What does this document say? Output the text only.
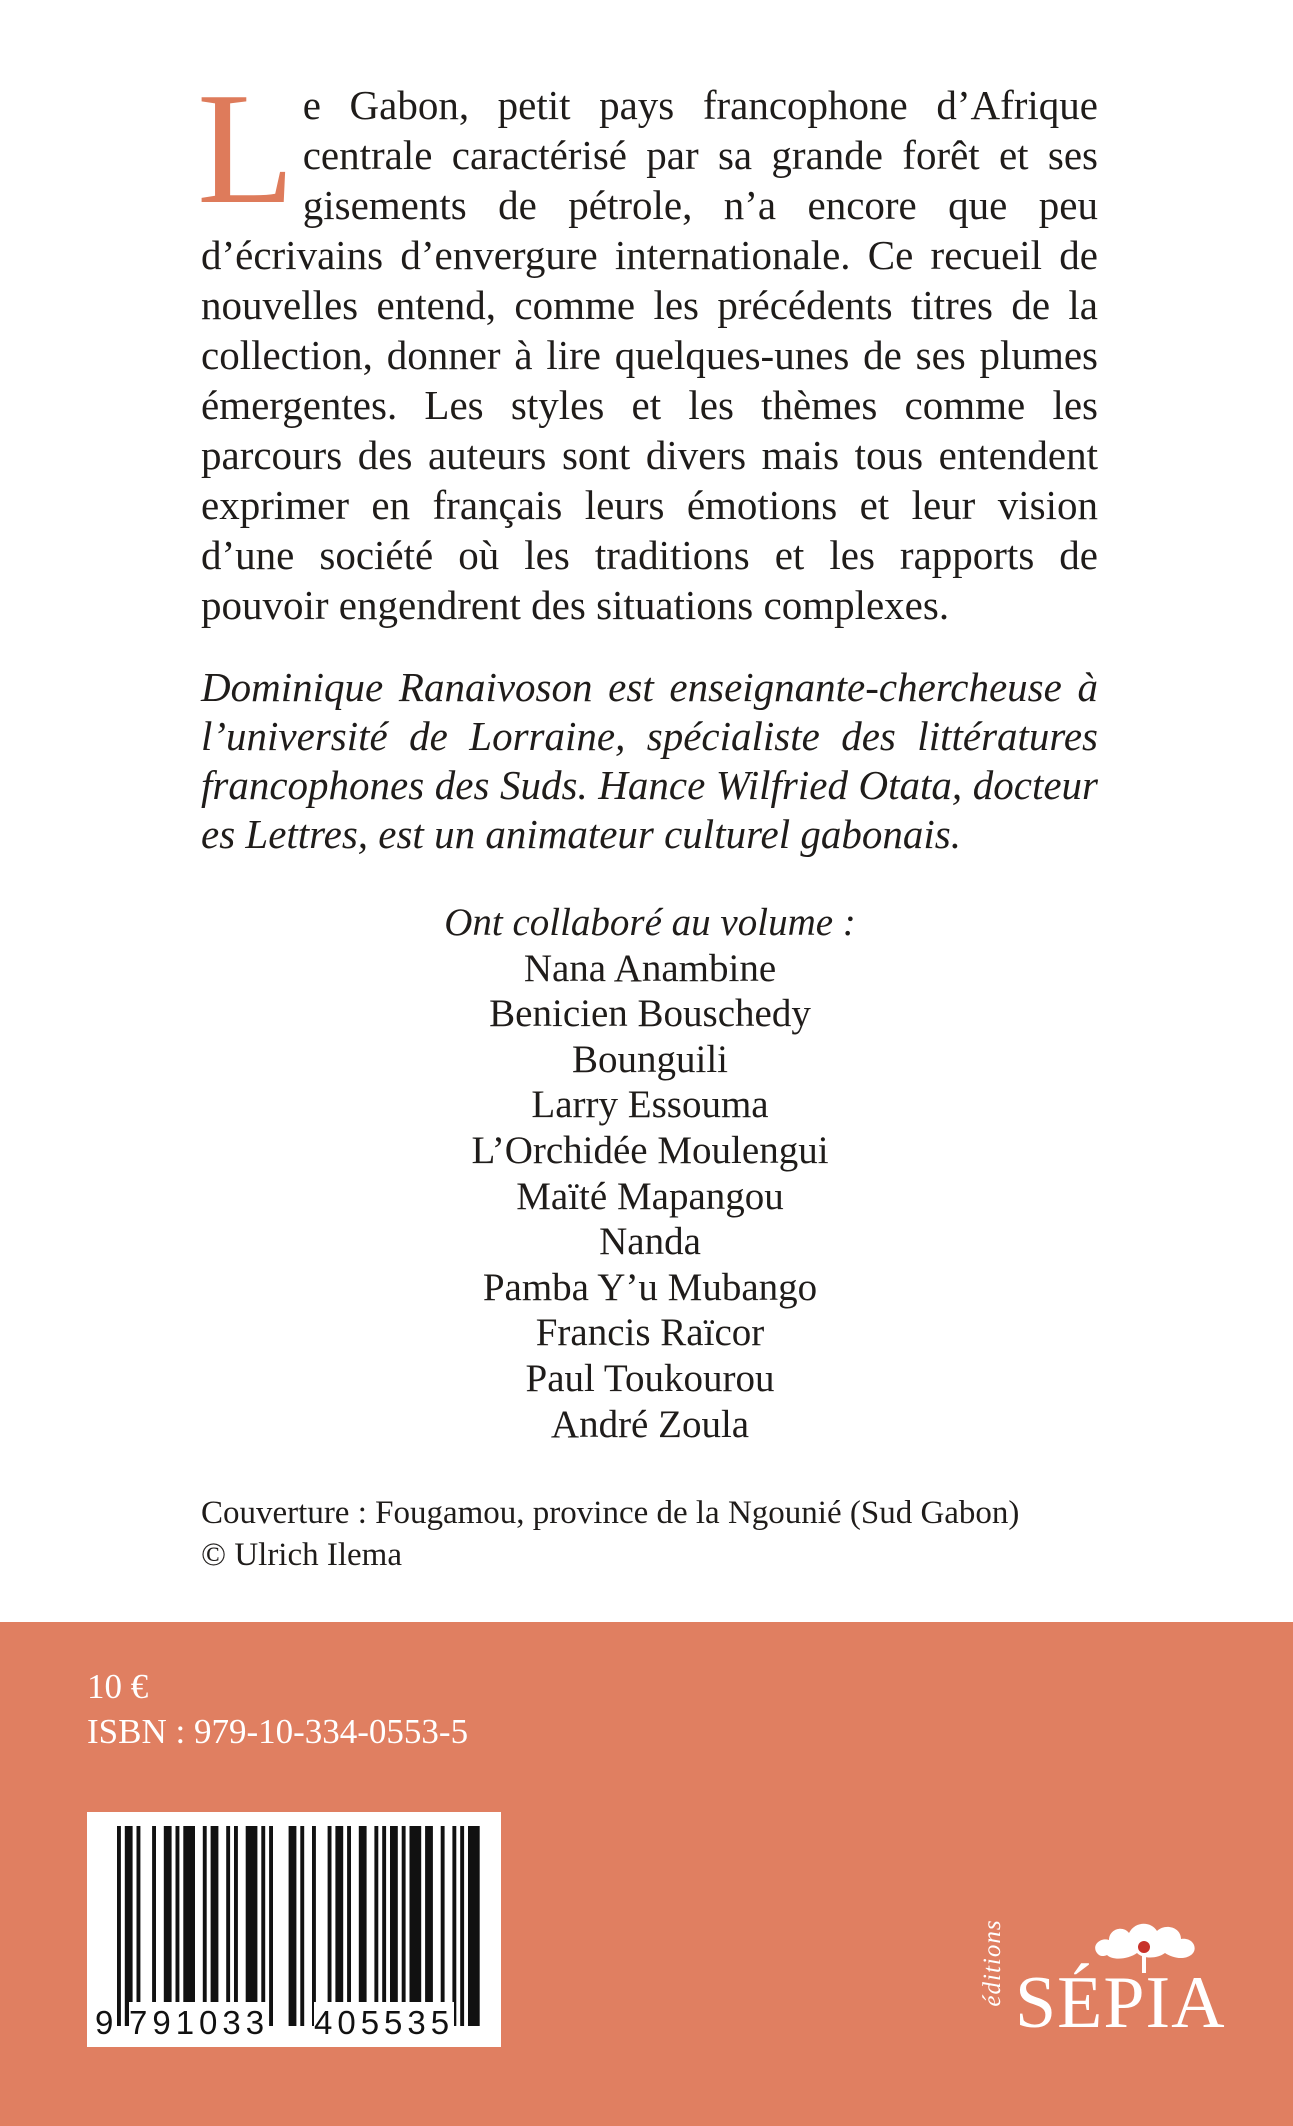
Le Gabon, petit pays francophone d’Afrique centrale caractérisé par sa grande forêt et ses gisements de pétrole, n’a encore que peu d’écrivains d’envergure internationale. Ce recueil de nouvelles entend, comme les précédents titres de la collection, donner à lire quelques-unes de ses plumes émergentes. Les styles et les thèmes comme les parcours des auteurs sont divers mais tous entendent exprimer en français leurs émotions et leur vision d’une société où les traditions et les rapports de pouvoir engendrent des situations complexes.
Dominique Ranaivoson est enseignante-chercheuse à l’université de Lorraine, spécialiste des littératures francophones des Suds. Hance Wilfried Otata, docteur es Lettres, est un animateur culturel gabonais.
Ont collaboré au volume :
Nana Anambine
Benicien Bouschedy
Bounguili
Larry Essouma
L’Orchidée Moulengui
Maïté Mapangou
Nanda
Pamba Y’u Mubango
Francis Raïcor
Paul Toukourou
André Zoula
Couverture : Fougamou, province de la Ngounié (Sud Gabon)
© Ulrich Ilema
10 €
ISBN : 979-10-334-0553-5
9 791033 405535
éditions SÉPIA
